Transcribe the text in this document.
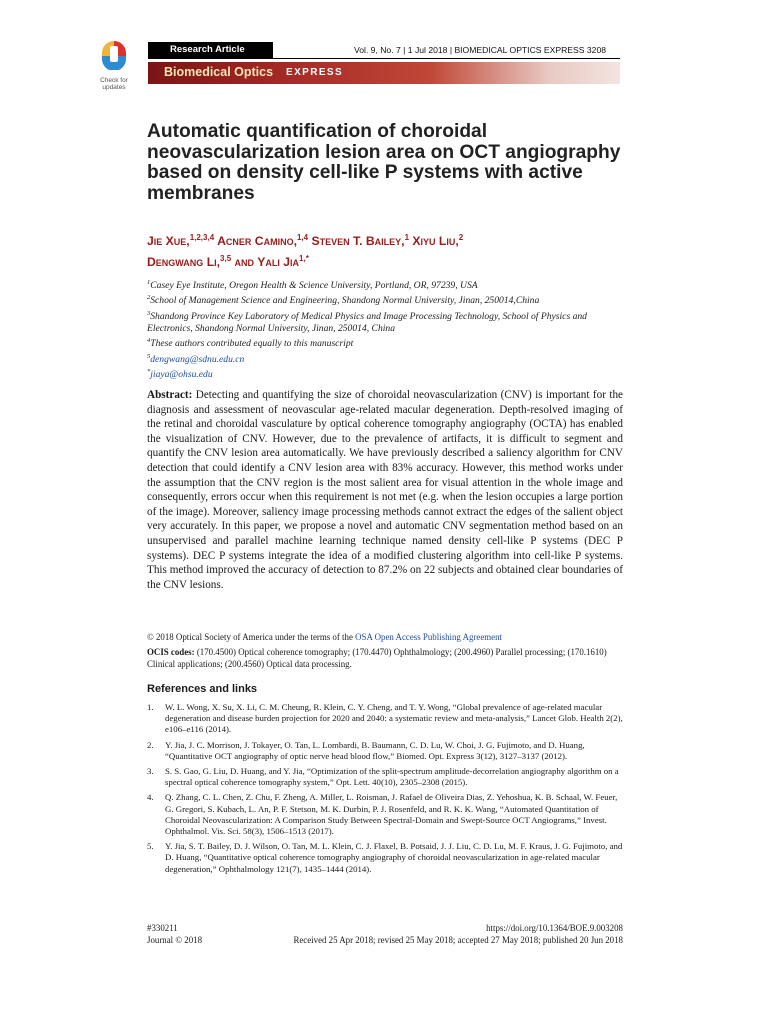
Check for updates
Research Article	Vol. 9, No. 7 | 1 Jul 2018 | BIOMEDICAL OPTICS EXPRESS 3208
Biomedical Optics EXPRESS
Automatic quantification of choroidal neovascularization lesion area on OCT angiography based on density cell-like P systems with active membranes
Jie Xue,$^{1,2,3,4}$ Acner Camino,$^{1,4}$ Steven T. Bailey,$^1$ Xiyu Liu,$^2$
Dengwang Li,$^{3,5}$ and Yali Jia$^{1,*}$
$^1$Casey Eye Institute, Oregon Health & Science University, Portland, OR, 97239, USA
$^2$School of Management Science and Engineering, Shandong Normal University, Jinan, 250014,China
$^3$Shandong Province Key Laboratory of Medical Physics and Image Processing Technology, School of Physics and Electronics, Shandong Normal University, Jinan, 250014, China
$^4$These authors contributed equally to this manuscript
$^5$dengwang@sdnu.edu.cn
*jiaya@ohsu.edu
Abstract: Detecting and quantifying the size of choroidal neovascularization (CNV) is important for the diagnosis and assessment of neovascular age-related macular degeneration. Depth-resolved imaging of the retinal and choroidal vasculature by optical coherence tomography angiography (OCTA) has enabled the visualization of CNV. However, due to the prevalence of artifacts, it is difficult to segment and quantify the CNV lesion area automatically. We have previously described a saliency algorithm for CNV detection that could identify a CNV lesion area with 83% accuracy. However, this method works under the assumption that the CNV region is the most salient area for visual attention in the whole image and consequently, errors occur when this requirement is not met (e.g. when the lesion occupies a large portion of the image). Moreover, saliency image processing methods cannot extract the edges of the salient object very accurately. In this paper, we propose a novel and automatic CNV segmentation method based on an unsupervised and parallel machine learning technique named density cell-like P systems (DEC P systems). DEC P systems integrate the idea of a modified clustering algorithm into cell-like P systems. This method improved the accuracy of detection to 87.2% on 22 subjects and obtained clear boundaries of the CNV lesions.
© 2018 Optical Society of America under the terms of the OSA Open Access Publishing Agreement
OCIS codes: (170.4500) Optical coherence tomography; (170.4470) Ophthalmology; (200.4960) Parallel processing; (170.1610) Clinical applications; (200.4560) Optical data processing.
References and links
1.	W. L. Wong, X. Su, X. Li, C. M. Cheung, R. Klein, C. Y. Cheng, and T. Y. Wong, “Global prevalence of age-related macular degeneration and disease burden projection for 2020 and 2040: a systematic review and meta-analysis,” Lancet Glob. Health 2(2), e106–e116 (2014).
2.	Y. Jia, J. C. Morrison, J. Tokayer, O. Tan, L. Lombardi, B. Baumann, C. D. Lu, W. Choi, J. G. Fujimoto, and D. Huang, “Quantitative OCT angiography of optic nerve head blood flow,” Biomed. Opt. Express 3(12), 3127–3137 (2012).
3.	S. S. Gao, G. Liu, D. Huang, and Y. Jia, “Optimization of the split-spectrum amplitude-decorrelation angiography algorithm on a spectral optical coherence tomography system,” Opt. Lett. 40(10), 2305–2308 (2015).
4.	Q. Zhang, C. L. Chen, Z. Chu, F. Zheng, A. Miller, L. Roisman, J. Rafael de Oliveira Dias, Z. Yehoshua, K. B. Schaal, W. Feuer, G. Gregori, S. Kubach, L. An, P. F. Stetson, M. K. Durbin, P. J. Rosenfeld, and R. K. K. Wang, “Automated Quantitation of Choroidal Neovascularization: A Comparison Study Between Spectral-Domain and Swept-Source OCT Angiograms,” Invest. Ophthalmol. Vis. Sci. 58(3), 1506–1513 (2017).
5.	Y. Jia, S. T. Bailey, D. J. Wilson, O. Tan, M. L. Klein, C. J. Flaxel, B. Potsaid, J. J. Liu, C. D. Lu, M. F. Kraus, J. G. Fujimoto, and D. Huang, “Quantitative optical coherence tomography angiography of choroidal neovascularization in age-related macular degeneration,” Ophthalmology 121(7), 1435–1444 (2014).
#330211	https://doi.org/10.1364/BOE.9.003208
Journal © 2018	Received 25 Apr 2018; revised 25 May 2018; accepted 27 May 2018; published 20 Jun 2018
